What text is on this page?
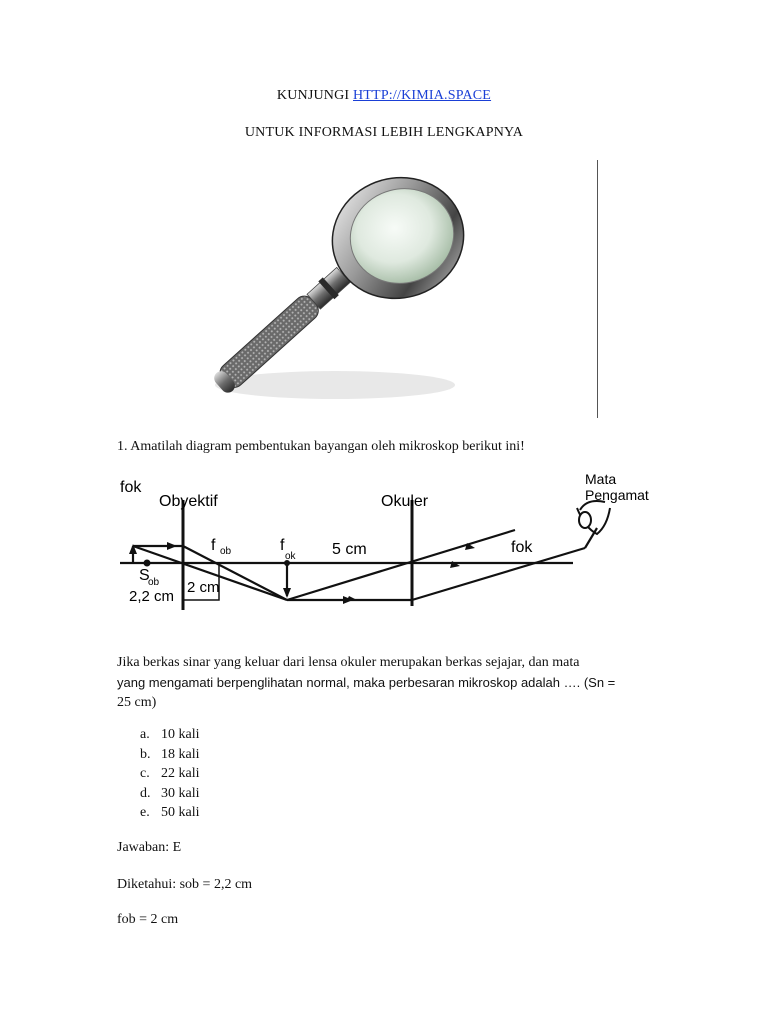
KUNJUNGI HTTP://KIMIA.SPACE
UNTUK INFORMASI LEBIH LENGKAPNYA
1. Amatilah diagram pembentukan bayangan oleh mikroskop berikut ini!
fok
Obyektif	Okuler
Mata
Pengamat
f ob	f
ok 5 cm	fok
S
ob
2,2 cm
2 cm
Jika berkas sinar yang keluar dari lensa okuler merupakan berkas sejajar, dan mata
yang mengamati berpenglihatan normal, maka perbesaran mikroskop adalah …. (Sn =
25 cm)
a. 10 kali
b. 18 kali
c. 22 kali
d. 30 kali
e. 50 kali
Jawaban: E
Diketahui: sob = 2,2 cm
fob = 2 cm
